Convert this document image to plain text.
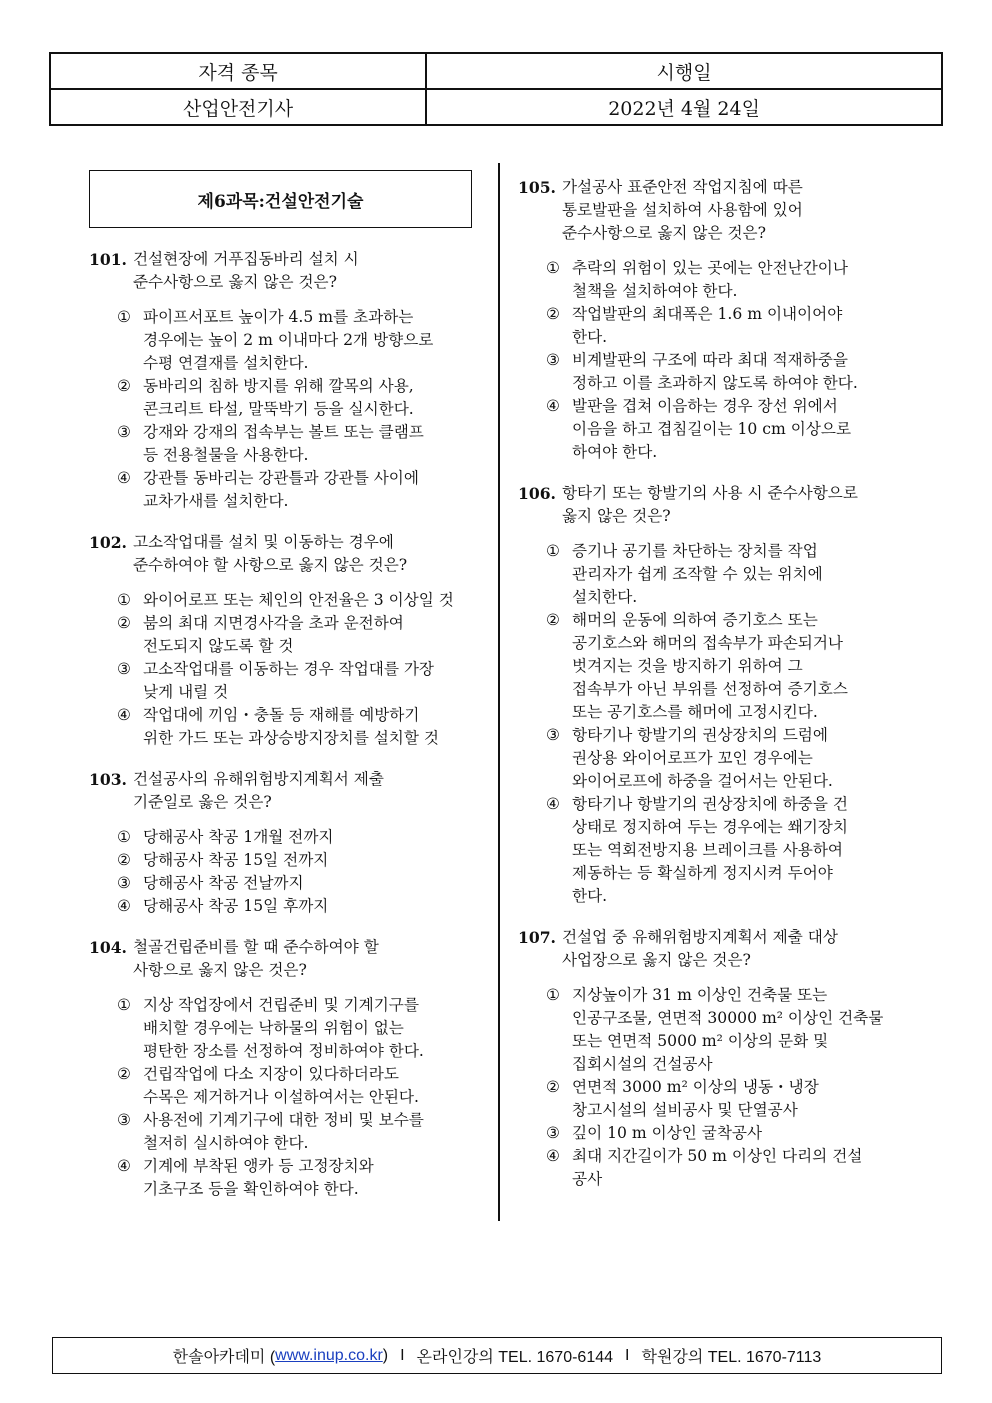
자격 종목	시행일
산업안전기사	2022년 4월 24일
제6과목:건설안전기술
101. 건설현장에 거푸집동바리 설치 시
준수사항으로 옳지 않은 것은?
① 파이프서포트 높이가 4.5 m를 초과하는
경우에는 높이 2 m 이내마다 2개 방향으로
수평 연결재를 설치한다.
② 동바리의 침하 방지를 위해 깔목의 사용,
콘크리트 타설, 말뚝박기 등을 실시한다.
③ 강재와 강재의 접속부는 볼트 또는 클램프
등 전용철물을 사용한다.
④ 강관틀 동바리는 강관틀과 강관틀 사이에
교차가새를 설치한다.
102. 고소작업대를 설치 및 이동하는 경우에
준수하여야 할 사항으로 옳지 않은 것은?
① 와이어로프 또는 체인의 안전율은 3 이상일 것
② 붐의 최대 지면경사각을 초과 운전하여
전도되지 않도록 할 것
③ 고소작업대를 이동하는 경우 작업대를 가장
낮게 내릴 것
④ 작업대에 끼임・충돌 등 재해를 예방하기
위한 가드 또는 과상승방지장치를 설치할 것
103. 건설공사의 유해위험방지계획서 제출
기준일로 옳은 것은?
① 당해공사 착공 1개월 전까지
② 당해공사 착공 15일 전까지
③ 당해공사 착공 전날까지
④ 당해공사 착공 15일 후까지
104. 철골건립준비를 할 때 준수하여야 할
사항으로 옳지 않은 것은?
① 지상 작업장에서 건립준비 및 기계기구를
배치할 경우에는 낙하물의 위험이 없는
평탄한 장소를 선정하여 정비하여야 한다.
② 건립작업에 다소 지장이 있다하더라도
수목은 제거하거나 이설하여서는 안된다.
③ 사용전에 기계기구에 대한 정비 및 보수를
철저히 실시하여야 한다.
④ 기계에 부착된 앵카 등 고정장치와
기초구조 등을 확인하여야 한다.
105. 가설공사 표준안전 작업지침에 따른
통로발판을 설치하여 사용함에 있어
준수사항으로 옳지 않은 것은?
① 추락의 위험이 있는 곳에는 안전난간이나
철책을 설치하여야 한다.
② 작업발판의 최대폭은 1.6 m 이내이어야
한다.
③ 비계발판의 구조에 따라 최대 적재하중을
정하고 이를 초과하지 않도록 하여야 한다.
④ 발판을 겹쳐 이음하는 경우 장선 위에서
이음을 하고 겹침길이는 10 cm 이상으로
하여야 한다.
106. 항타기 또는 항발기의 사용 시 준수사항으로
옳지 않은 것은?
① 증기나 공기를 차단하는 장치를 작업
관리자가 쉽게 조작할 수 있는 위치에
설치한다.
② 해머의 운동에 의하여 증기호스 또는
공기호스와 해머의 접속부가 파손되거나
벗겨지는 것을 방지하기 위하여 그
접속부가 아닌 부위를 선정하여 증기호스
또는 공기호스를 해머에 고정시킨다.
③ 항타기나 항발기의 권상장치의 드럼에
권상용 와이어로프가 꼬인 경우에는
와이어로프에 하중을 걸어서는 안된다.
④ 항타기나 항발기의 권상장치에 하중을 건
상태로 정지하여 두는 경우에는 쐐기장치
또는 역회전방지용 브레이크를 사용하여
제동하는 등 확실하게 정지시켜 두어야
한다.
107. 건설업 중 유해위험방지계획서 제출 대상
사업장으로 옳지 않은 것은?
① 지상높이가 31 m 이상인 건축물 또는
인공구조물, 연면적 30000 m² 이상인 건축물
또는 연면적 5000 m² 이상의 문화 및
집회시설의 건설공사
② 연면적 3000 m² 이상의 냉동・냉장
창고시설의 설비공사 및 단열공사
③ 깊이 10 m 이상인 굴착공사
④ 최대 지간길이가 50 m 이상인 다리의 건설
공사
한솔아카데미 ( www.inup.co.kr ) I 온라인강의 TEL. 1670-6144 I 학원강의 TEL. 1670-7113
